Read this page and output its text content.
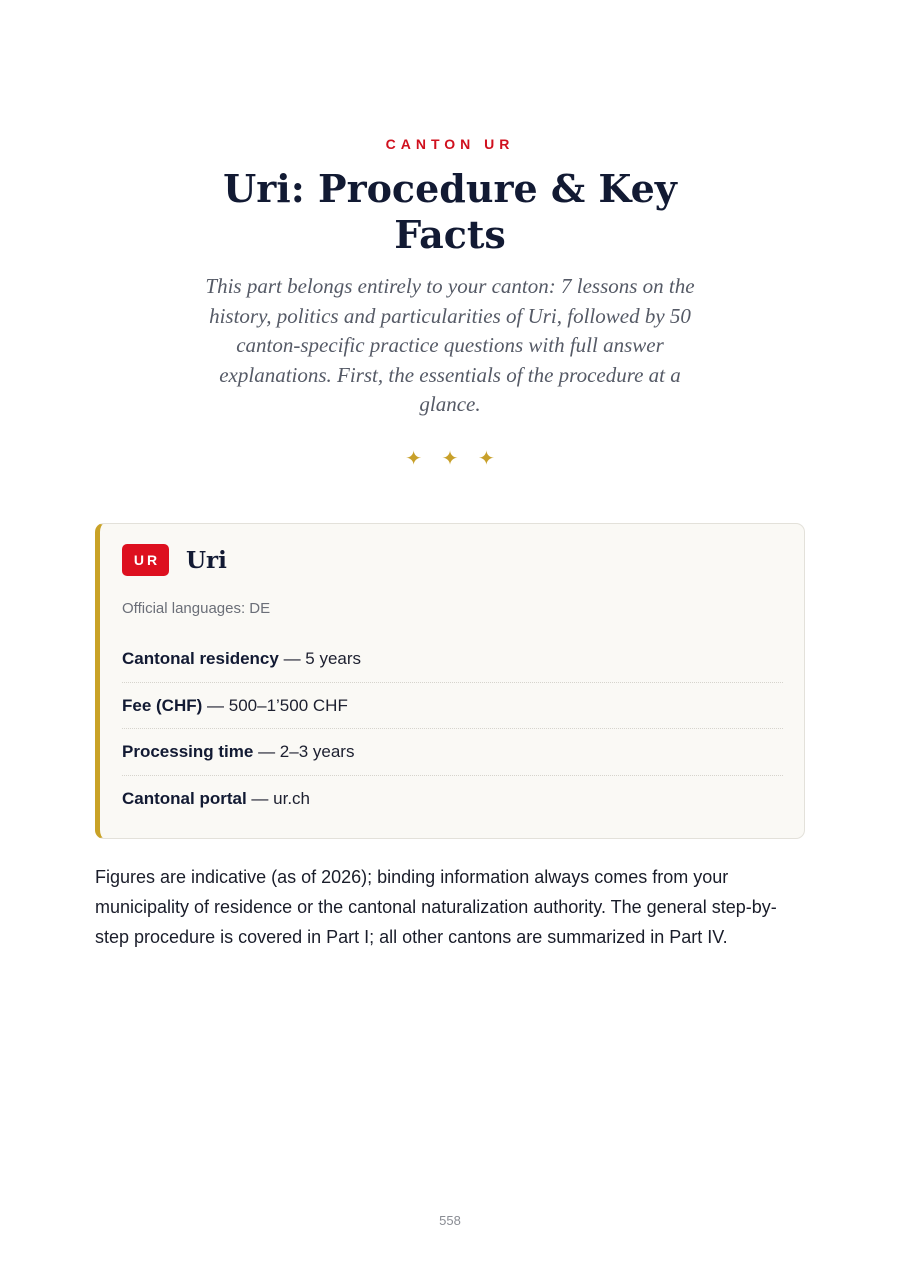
CANTON UR
Uri: Procedure & Key Facts

This part belongs entirely to your canton: 7 lessons on the history, politics and particularities of Uri, followed by 50 canton-specific practice questions with full answer explanations. First, the essentials of the procedure at a glance.

✦ ✦ ✦
UR	Uri
Official languages: DE
Cantonal residency — 5 years
Fee (CHF) — 500–1’500 CHF
Processing time — 2–3 years
Cantonal portal — ur.ch

Figures are indicative (as of 2026); binding information always comes from your municipality of residence or the cantonal naturalization authority. The general step-by-step procedure is covered in Part I; all other cantons are summarized in Part IV.

558
